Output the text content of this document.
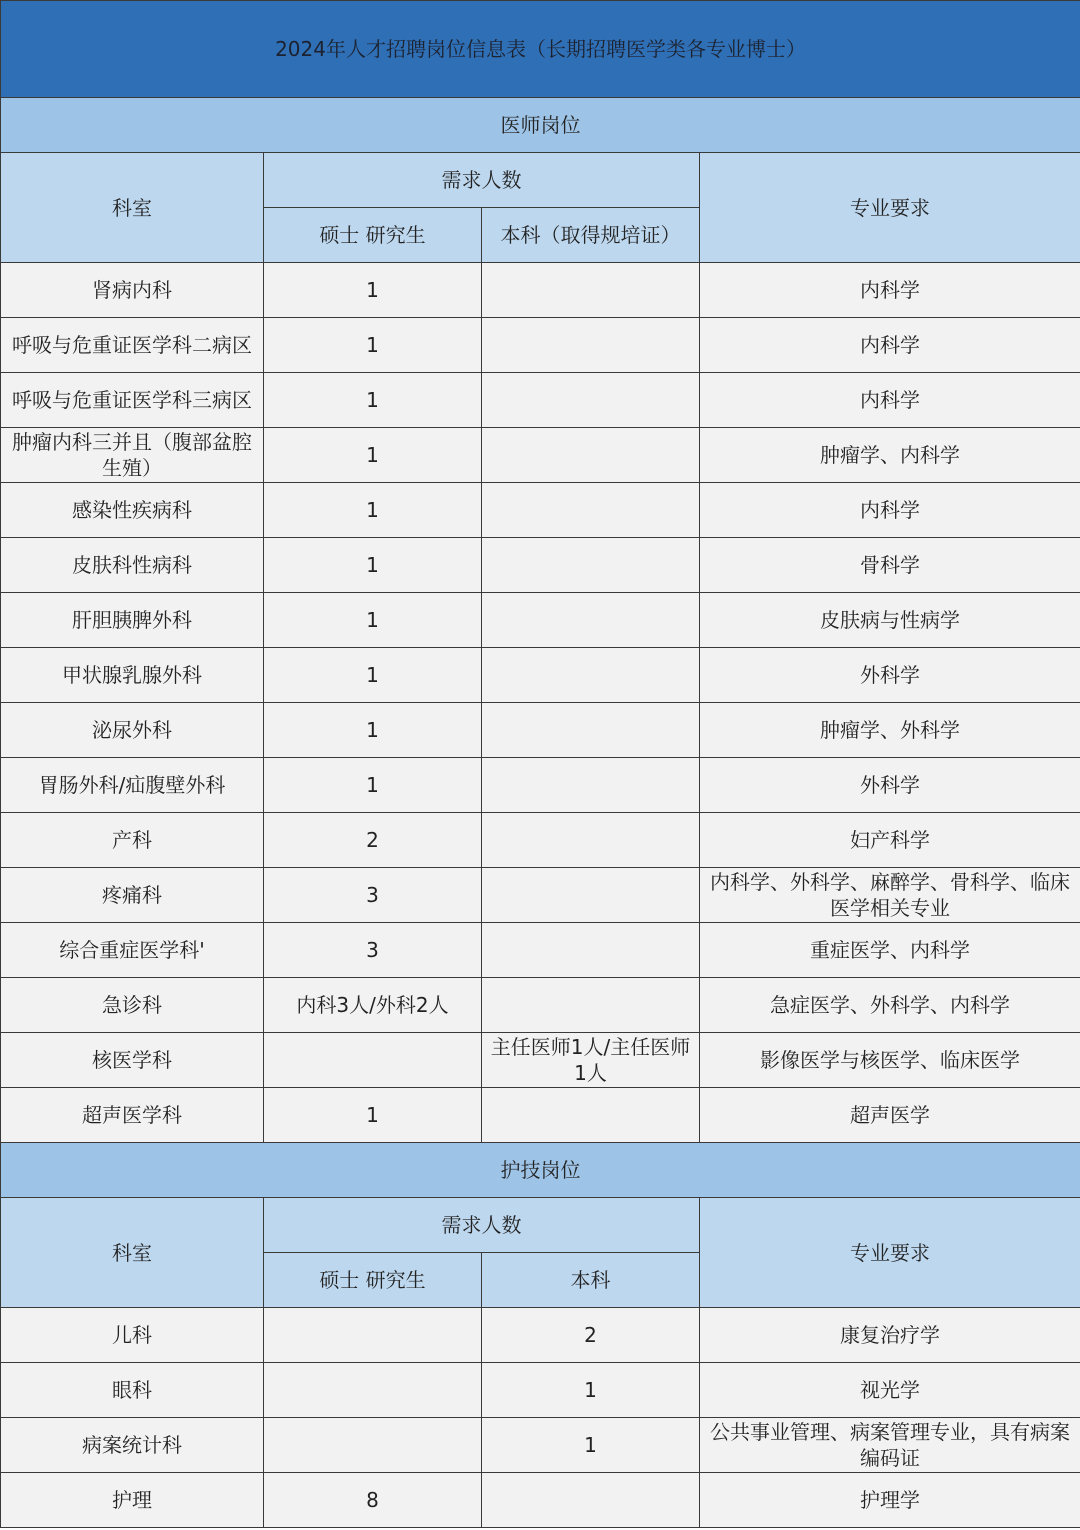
2024年人才招聘岗位信息表（长期招聘医学类各专业博士）			
医师岗位			
科室	需求人数		专业要求
	硕士 研究生	本科（取得规培证）	
肾病内科	1		内科学
呼吸与危重证医学科二病区	1		内科学
呼吸与危重证医学科三病区	1		内科学
肿瘤内科三并且（腹部盆腔生殖）	1		肿瘤学、内科学
感染性疾病科	1		内科学
皮肤科性病科	1		骨科学
肝胆胰脾外科	1		皮肤病与性病学
甲状腺乳腺外科	1		外科学
泌尿外科	1		肿瘤学、外科学
胃肠外科/疝腹壁外科	1		外科学
产科	2		妇产科学
疼痛科	3		内科学、外科学、麻醉学、骨科学、临床医学相关专业
综合重症医学科'	3		重症医学、内科学
急诊科	内科3人/外科2人		急症医学、外科学、内科学
核医学科		主任医师1人/主任医师1人	影像医学与核医学、临床医学
超声医学科	1		超声医学
护技岗位			
科室	需求人数		专业要求
	硕士 研究生	本科	
儿科		2	康复治疗学
眼科		1	视光学
病案统计科		1	公共事业管理、病案管理专业，具有病案编码证
护理	8		护理学
